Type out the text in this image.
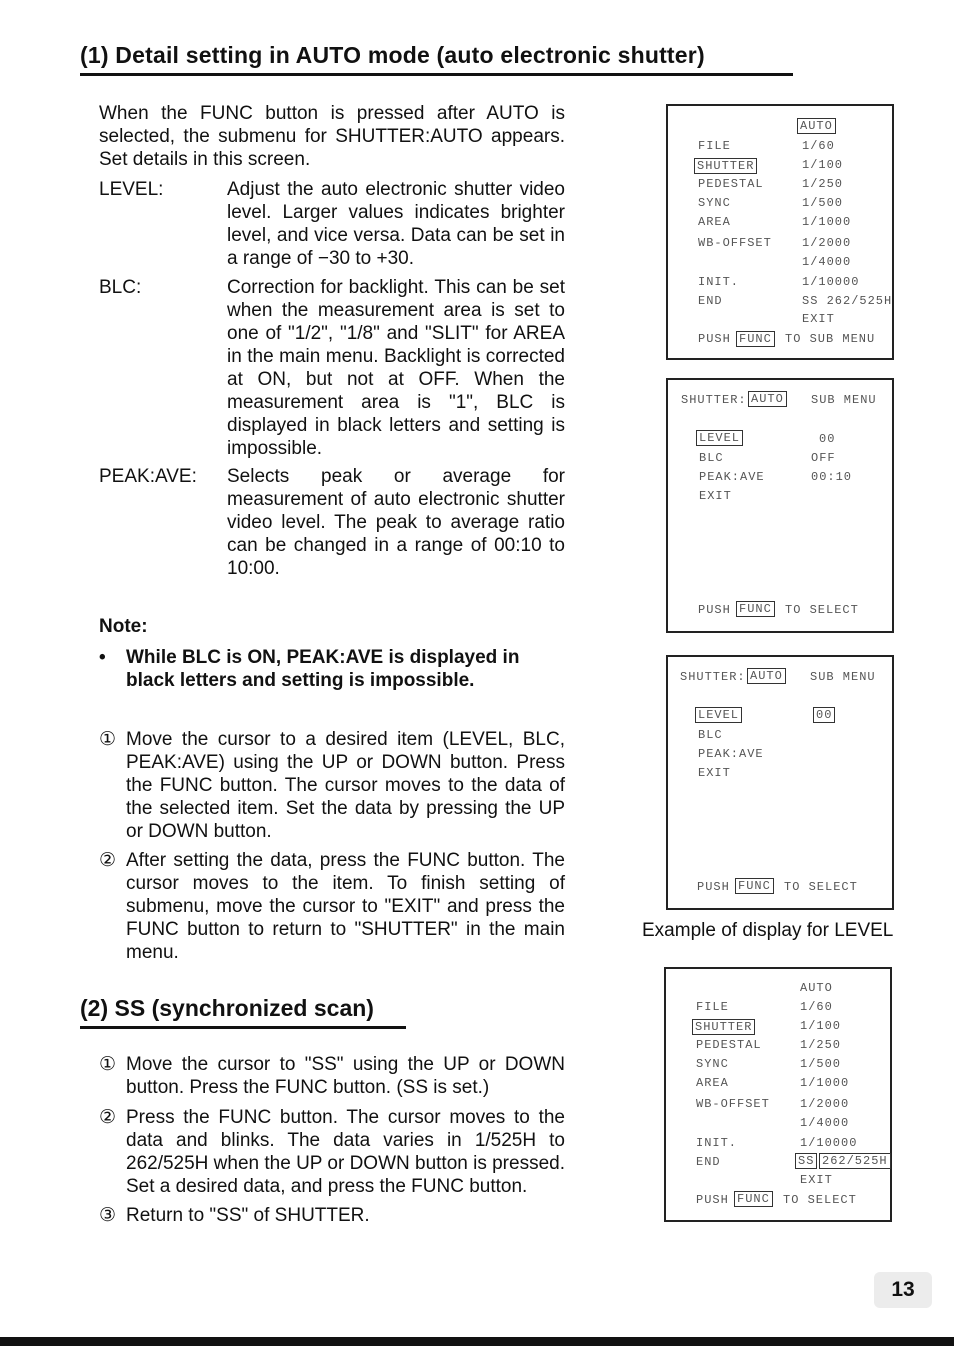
(1) Detail setting in AUTO mode (auto electronic shutter)
When the FUNC button is pressed after AUTO is selected, the submenu for SHUTTER:AUTO appears. Set details in this screen.
LEVEL:	Adjust the auto electronic shutter video level. Larger values indicates brighter level, and vice versa. Data can be set in a range of −30 to +30.
BLC:	Correction for backlight. This can be set when the measurement area is set to one of "1/2", "1/8" and "SLIT" for AREA in the main menu. Backlight is corrected at ON, but not at OFF. When the measurement area is "1", BLC is displayed in black letters and setting is impossible.
PEAK:AVE: Selects peak or average for measurement of auto electronic shutter video level. The peak to average ratio can be changed in a range of 00:10 to 10:00.
Note:
• While BLC is ON, PEAK:AVE is displayed in black letters and setting is impossible.
① Move the cursor to a desired item (LEVEL, BLC, PEAK:AVE) using the UP or DOWN button. Press the FUNC button. The cursor moves to the data of the selected item. Set the data by pressing the UP or DOWN button.
② After setting the data, press the FUNC button. The cursor moves to the item. To finish setting of submenu, move the cursor to "EXIT" and press the FUNC button to return to "SHUTTER" in the main menu.
(2) SS (synchronized scan)
① Move the cursor to "SS" using the UP or DOWN button. Press the FUNC button. (SS is set.)
② Press the FUNC button. The cursor moves to the data and blinks. The data varies in 1/525H to 262/525H when the UP or DOWN button is pressed. Set a desired data, and press the FUNC button.
③ Return to "SS" of SHUTTER.
AUTO
FILE
SHUTTER
PEDESTAL
SYNC
AREA
WB-OFFSET
INIT.
END
1/60
1/100
1/250
1/500
1/1000
1/2000
1/4000
1/10000
SS 262/525H
EXIT
PUSH FUNC TO SUB MENU
SHUTTER: AUTO SUB MENU
LEVEL
BLC
PEAK:AVE
EXIT
00
OFF
00:10
PUSH FUNC TO SELECT
SHUTTER: AUTO SUB MENU
LEVEL
BLC
PEAK:AVE
EXIT
00
PUSH FUNC TO SELECT
Example of display for LEVEL
AUTO
FILE
SHUTTER
PEDESTAL
SYNC
AREA
WB-OFFSET
INIT.
END
1/60
1/100
1/250
1/500
1/1000
1/2000
1/4000
1/10000
SS 262/525H
EXIT
PUSH FUNC TO SELECT
13
